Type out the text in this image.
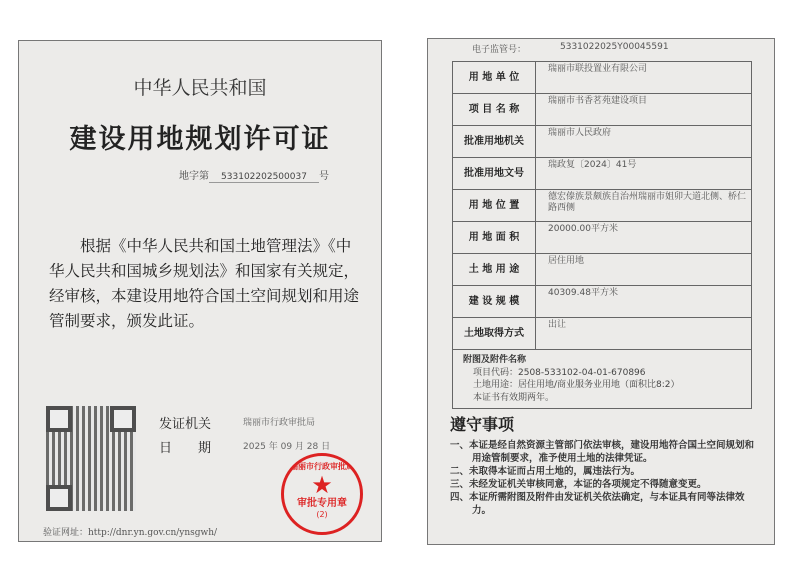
中华人民共和国
建设用地规划许可证
地字第 533102202500037 号
根据《中华人民共和国土地管理法》《中华人民共和国城乡规划法》和国家有关规定，经审核，本建设用地符合国土空间规划和用途管制要求，颁发此证。
发证机关	瑞丽市行政审批局
日　　期	2025 年 09 月 28 日
瑞丽市行政审批局
★
审批专用章
(2)
验证网址：http://dnr.yn.gov.cn/ynsgwh/
电子监管号：	5331022025Y00045591
用 地 单 位	瑞丽市联投置业有限公司
项 目 名 称	瑞丽市书香茗苑建设项目
批准用地机关	瑞丽市人民政府
批准用地文号	瑞政复〔2024〕41号
用 地 位 置	德宏傣族景颇族自治州瑞丽市姐卯大道北侧、桥仁路西侧
用 地 面 积	20000.00平方米
土 地 用 途	居住用地
建 设 规 模	40309.48平方米
土地取得方式	出让
附图及附件名称
项目代码：2508-533102-04-01-670896
土地用途：居住用地/商业服务业用地（面积比8:2）
本证书有效期两年。
遵守事项
一、本证是经自然资源主管部门依法审核，建设用地符合国土空间规划和用途管制要求，准予使用土地的法律凭证。
二、未取得本证而占用土地的，属违法行为。
三、未经发证机关审核同意，本证的各项规定不得随意变更。
四、本证所需附图及附件由发证机关依法确定，与本证具有同等法律效力。
